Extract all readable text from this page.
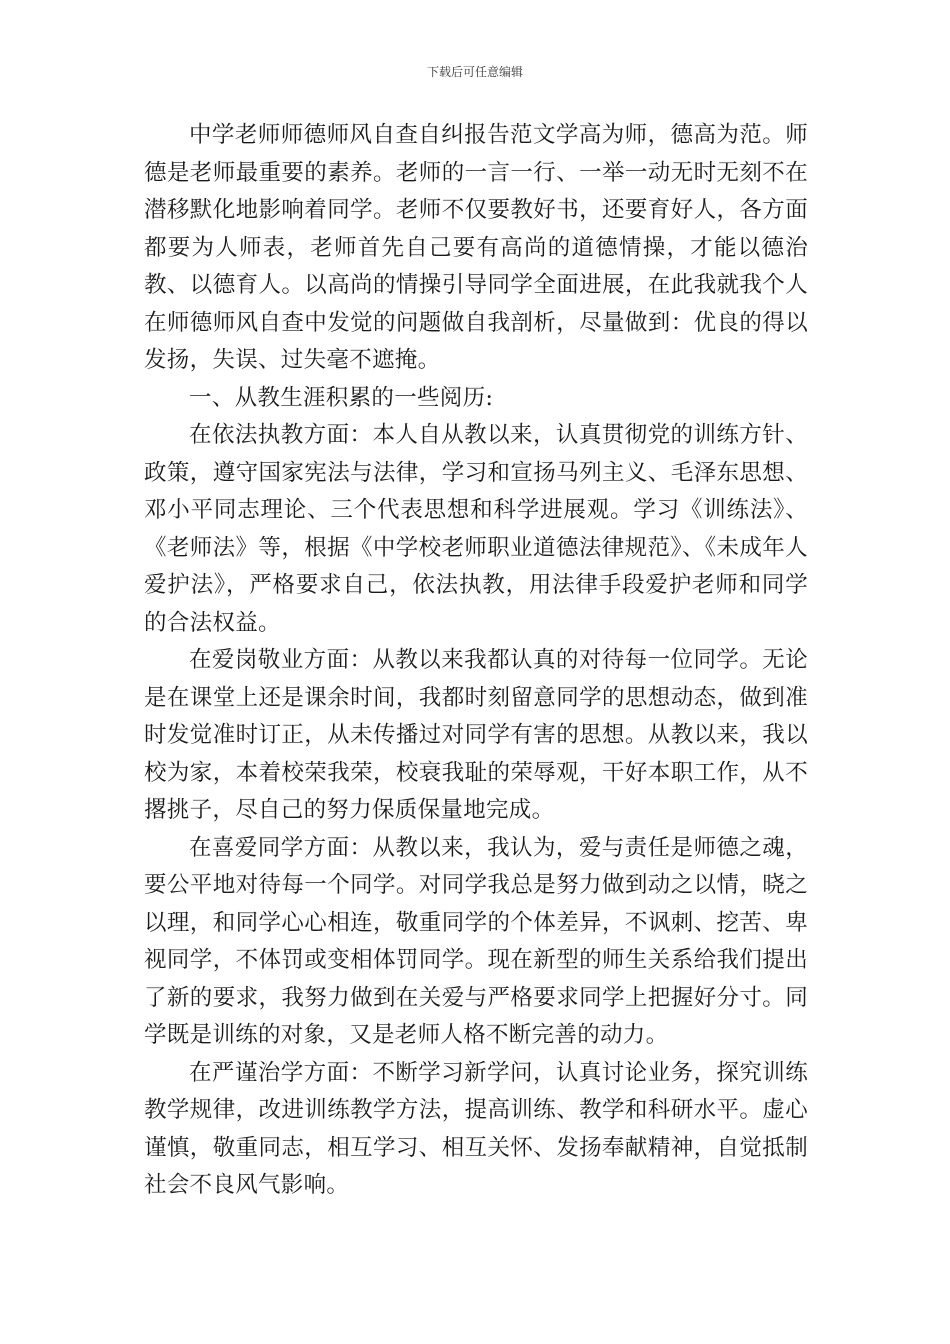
下载后可任意编辑

中学老师师德师风自查自纠报告范文学高为师，德高为范。师德是老师最重要的素养。老师的一言一行、一举一动无时无刻不在潜移默化地影响着同学。老师不仅要教好书，还要育好人，各方面都要为人师表，老师首先自己要有高尚的道德情操，才能以德治教、以德育人。以高尚的情操引导同学全面进展，在此我就我个人在师德师风自查中发觉的问题做自我剖析，尽量做到：优良的得以发扬，失误、过失毫不遮掩。

一、从教生涯积累的一些阅历:

在依法执教方面：本人自从教以来，认真贯彻党的训练方针、政策，遵守国家宪法与法律，学习和宣扬马列主义、毛泽东思想、邓小平同志理论、三个代表思想和科学进展观。学习《训练法》、《老师法》等，根据《中学校老师职业道德法律规范》、《未成年人爱护法》，严格要求自己，依法执教，用法律手段爱护老师和同学的合法权益。

在爱岗敬业方面：从教以来我都认真的对待每一位同学。无论是在课堂上还是课余时间，我都时刻留意同学的思想动态，做到准时发觉准时订正，从未传播过对同学有害的思想。从教以来，我以校为家，本着校荣我荣，校衰我耻的荣辱观，干好本职工作，从不撂挑子，尽自己的努力保质保量地完成。

在喜爱同学方面：从教以来，我认为，爱与责任是师德之魂，要公平地对待每一个同学。对同学我总是努力做到动之以情，晓之以理，和同学心心相连，敬重同学的个体差异，不讽刺、挖苦、卑视同学，不体罚或变相体罚同学。现在新型的师生关系给我们提出了新的要求，我努力做到在关爱与严格要求同学上把握好分寸。同学既是训练的对象，又是老师人格不断完善的动力。

在严谨治学方面：不断学习新学问，认真讨论业务，探究训练教学规律，改进训练教学方法，提高训练、教学和科研水平。虚心谨慎，敬重同志，相互学习、相互关怀、发扬奉献精神，自觉抵制社会不良风气影响。
